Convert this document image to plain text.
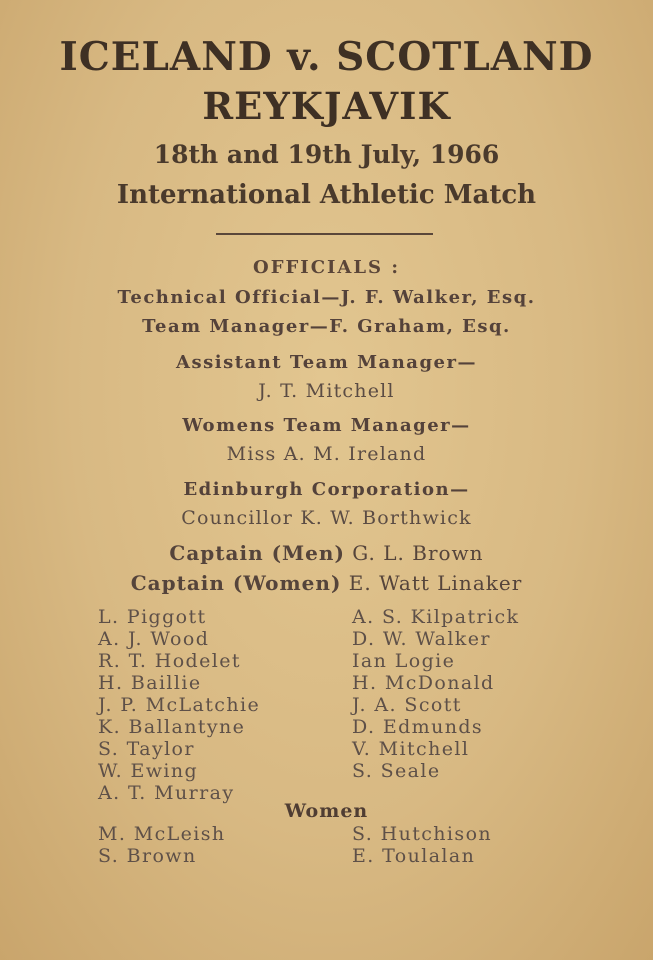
ICELAND v. SCOTLAND
REYKJAVIK
18th and 19th July, 1966
International Athletic Match
OFFICIALS :
Technical Official—J. F. Walker, Esq.
Team Manager—F. Graham, Esq.
Assistant Team Manager—
J. T. Mitchell
Womens Team Manager—
Miss A. M. Ireland
Edinburgh Corporation—
Councillor K. W. Borthwick
Captain (Men) G. L. Brown
Captain (Women) E. Watt Linaker
L. Piggott
A. J. Wood
R. T. Hodelet
H. Baillie
J. P. McLatchie
K. Ballantyne
S. Taylor
W. Ewing
A. T. Murray
A. S. Kilpatrick
D. W. Walker
Ian Logie
H. McDonald
J. A. Scott
D. Edmunds
V. Mitchell
S. Seale
Women
M. McLeish
S. Brown
S. Hutchison
E. Toulalan
